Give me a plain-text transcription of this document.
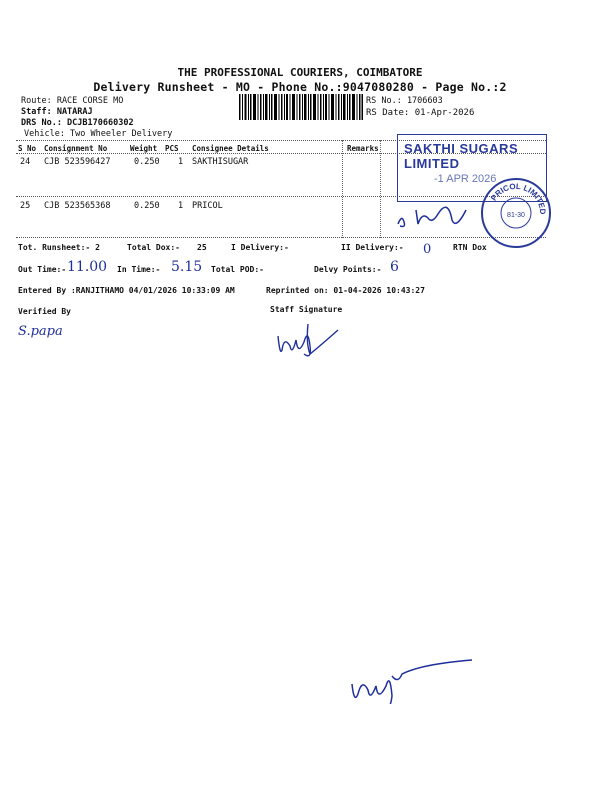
THE PROFESSIONAL COURIERS, COIMBATORE
Delivery Runsheet - MO - Phone No.:9047080280 - Page No.:2
Route: RACE CORSE MO
Staff: NATARAJ
DRS No.: DCJB170660302
Vehicle: Two Wheeler Delivery
RS No.: 1706603
RS Date: 01-Apr-2026
S No Consignment No	Weight PCS Consignee Details	Remarks
24 CJB 523596427	0.250 1 SAKTHISUGAR
25 CJB 523565368	0.250 1 PRICOL
Tot. Runsheet:- 2	Total Dox:- 25	I Delivery:-	II Delivery:- 0	RTN Dox
Out Time:- 11.00 In Time:- 5.15 Total POD:-	Delvy Points:- 6
Entered By :RANJITHAMO 04/01/2026 10:33:09 AM	Reprinted on: 01-04-2026 10:43:27
Verified By	Staff Signature
S.papa
SAKTHI SUGARS LIMITED
-1 APR 2026
PRICOL LIMITED
81-30
